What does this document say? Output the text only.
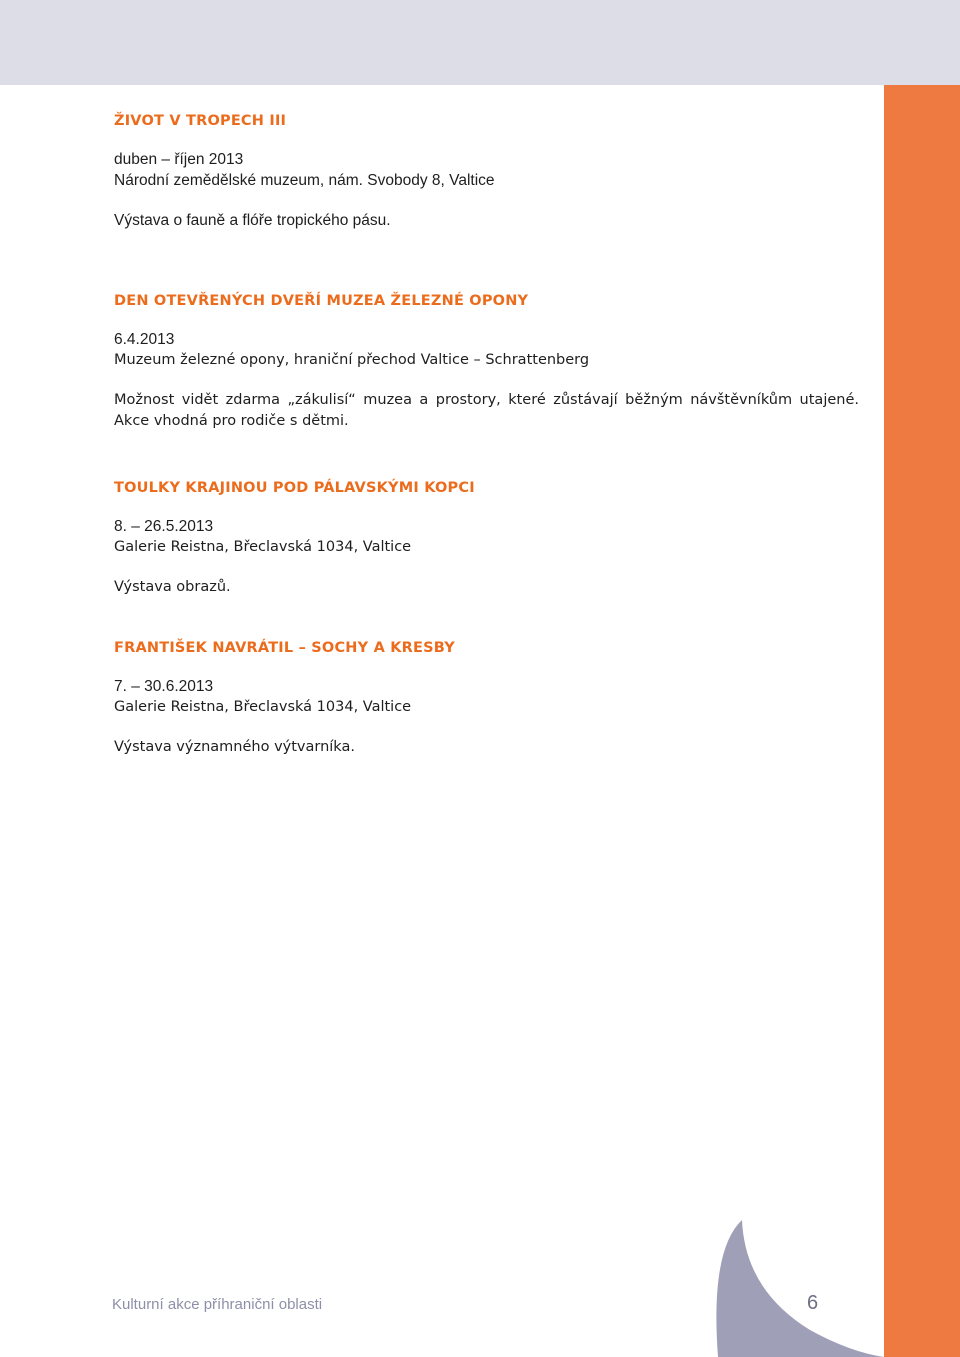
ŽIVOT V TROPECH III

duben – říjen 2013

Národní zemědělské muzeum, nám. Svobody 8, Valtice

Výstava o fauně a flóře tropického pásu.

DEN OTEVŘENÝCH DVEŘÍ MUZEA ŽELEZNÉ OPONY

6.4.2013

Muzeum železné opony, hraniční přechod Valtice – Schrattenberg

Možnost vidět zdarma „zákulisí“ muzea a prostory, které zůstávají běžným návštěvníkům utajené. Akce vhodná pro rodiče s dětmi.

TOULKY KRAJINOU POD PÁLAVSKÝMI KOPCI

8. – 26.5.2013

Galerie Reistna, Břeclavská 1034, Valtice

Výstava obrazů.

FRANTIŠEK NAVRÁTIL – SOCHY A KRESBY

7. – 30.6.2013

Galerie Reistna, Břeclavská 1034, Valtice

Výstava významného výtvarníka.

Kulturní akce příhraniční oblasti	6
